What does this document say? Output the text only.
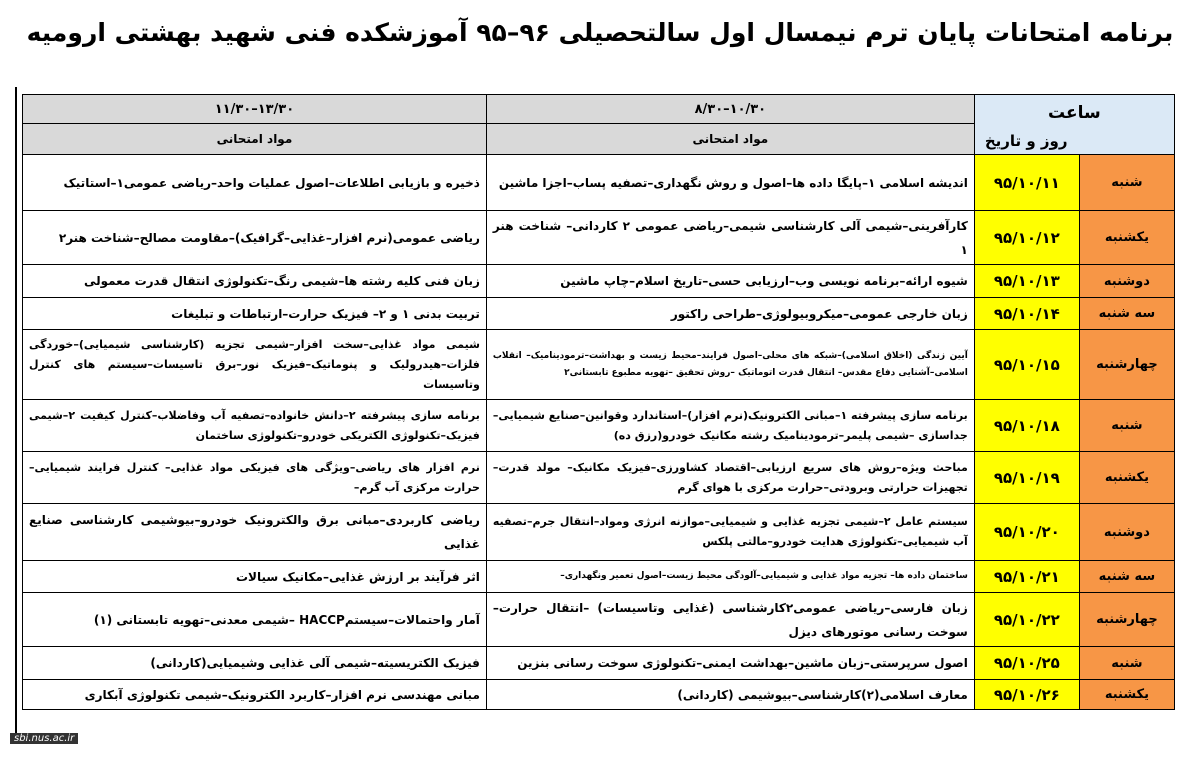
برنامه امتحانات پایان ترم نیمسال اول سالتحصیلی ۹۶–۹۵ آموزشکده فنی شهید بهشتی ارومیه
ساعت
روز و تاریخ		۸/۳۰–۱۰/۳۰	۱۱/۳۰–۱۳/۳۰
		مواد امتحانی	مواد امتحانی
شنبه	۹۵/۱۰/۱۱	اندیشه اسلامی ۱–پایگا داده ها–اصول و روش نگهداری–تصفیه پساب–اجزا ماشین	ذخیره و بازیابی اطلاعات–اصول عملیات واحد–ریاضی عمومی۱–استاتیک
یکشنبه	۹۵/۱۰/۱۲	کارآفرینی–شیمی آلی کارشناسی شیمی–ریاضی عمومی ۲ کاردانی– شناخت هنر ۱	ریاضی عمومی(نرم افزار–غذایی–گرافیک)–مقاومت مصالح–شناخت هنر۲
دوشنبه	۹۵/۱۰/۱۳	شیوه ارائه–برنامه نویسی وب–ارزیابی حسی–تاریخ اسلام–چاپ ماشین	زبان فنی کلیه رشته ها–شیمی رنگ–تکنولوژی انتقال قدرت معمولی
سه شنبه	۹۵/۱۰/۱۴	زبان خارجی عمومی–میکروبیولوژی–طراحی راکتور	تربیت بدنی ۱ و ۲– فیزیک حرارت–ارتباطات و تبلیغات
چهارشنبه	۹۵/۱۰/۱۵	آیین زندگی (اخلاق اسلامی)–شبکه های محلی–اصول فرایند–محیط زیست و بهداشت–ترمودینامیک– انقلاب اسلامی–آشنایی دفاع مقدس– انتقال قدرت اتوماتیک –روش تحقیق –تهویه مطبوع تابستانی۲	شیمی مواد غذایی–سخت افزار–شیمی تجزیه (کارشناسی شیمیایی)–خوردگی فلزات–هیدرولیک و پنوماتیک–فیزیک نور–برق تاسیسات–سیستم های کنترل وتاسیسات
شنبه	۹۵/۱۰/۱۸	برنامه سازی پیشرفته ۱–مبانی الکترونیک(نرم افزار)–استاندارد وقوانین–صنایع شیمیایی–جداسازی –شیمی پلیمر–ترمودینامیک رشته مکانیک خودرو(رزق ده)	برنامه سازی پیشرفته ۲–دانش خانواده–تصفیه آب وفاضلاب–کنترل کیفیت ۲–شیمی فیزیک–تکنولوژی الکتریکی خودرو–تکنولوژی ساختمان
یکشنبه	۹۵/۱۰/۱۹	مباحث ویژه–روش های سریع ارزیابی–اقتصاد کشاورزی–فیزیک مکانیک– مولد قدرت–تجهیزات حرارتی وبرودتی–حرارت مرکزی با هوای گرم	نرم افزار های ریاضی–ویژگی های فیزیکی مواد غذایی– کنترل فرایند شیمیایی– حرارت مرکزی آب گرم–
دوشنبه	۹۵/۱۰/۲۰	سیستم عامل ۲–شیمی تجزیه غذایی و شیمیایی–موازنه انرژی ومواد–انتقال جرم–تصفیه آب شیمیایی–تکنولوژی هدایت خودرو–مالتی پلکس	ریاضی کاربردی–مبانی برق والکترونیک خودرو–بیوشیمی کارشناسی صنایع غذایی
سه شنبه	۹۵/۱۰/۲۱	ساختمان داده ها– تجزیه مواد غذایی و شیمیایی–آلودگی محیط زیست–اصول تعمیر ونگهداری–	اثر فرآیند بر ارزش غذایی–مکانیک سیالات
چهارشنبه	۹۵/۱۰/۲۲	زبان فارسی–ریاضی عمومی۲کارشناسی (غذایی وتاسیسات) –انتقال حرارت– سوخت رسانی موتورهای دیزل	آمار واحتمالات–سیستمHACCP –شیمی معدنی–تهویه تابستانی (۱)
شنبه	۹۵/۱۰/۲۵	اصول سرپرستی–زبان ماشین–بهداشت ایمنی–تکنولوژی سوخت رسانی بنزین	فیزیک الکتریسیته–شیمی آلی غذایی وشیمیایی(کاردانی)
یکشنبه	۹۵/۱۰/۲۶	معارف اسلامی(۲)کارشناسی–بیوشیمی (کاردانی)	مبانی مهندسی نرم افزار–کاربرد الکترونیک–شیمی تکنولوژی آبکاری
sbi.nus.ac.ir
